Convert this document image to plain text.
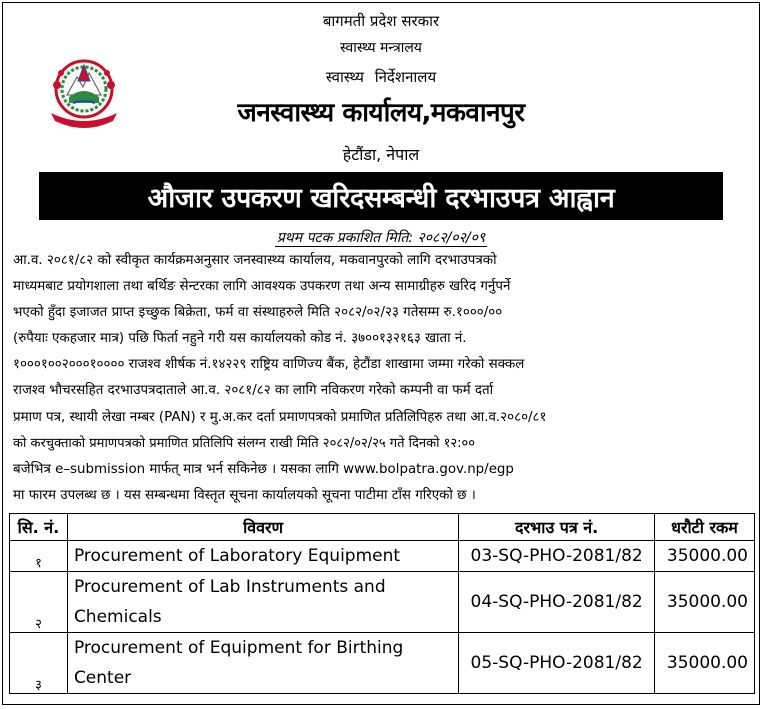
बागमती प्रदेश सरकार
स्वास्थ्य मन्त्रालय
स्वास्थ्य निर्देशनालय
जनस्वास्थ्य कार्यालय,मकवानपुर
हेटौंडा, नेपाल
औजार उपकरण खरिदसम्बन्धी दरभाउपत्र आह्वान
प्रथम पटक प्रकाशित मिति: २०८२/०२/०९
आ.व. २०८१/८२ को स्वीकृत कार्यक्रमअनुसार जनस्वास्थ्य कार्यालय, मकवानपुरको लागि दरभाउपत्रको
माध्यमबाट प्रयोगशाला तथा बर्थिङ सेन्टरका लागि आवश्यक उपकरण तथा अन्य सामाग्रीहरु खरिद गर्नुपर्ने
भएको हुँदा इजाजत प्राप्त इच्छुक बिक्रेता, फर्म वा संस्थाहरुले मिति २०८२/०२/२३ गतेसम्म रु.१०००/००
(रुपैयाः एकहजार मात्र) पछि फिर्ता नहुने गरी यस कार्यालयको कोड नं. ३७००१३२१६३ खाता नं.
१०००१००२०००१०००० राजश्व शीर्षक नं.१४२२९ राष्ट्रिय वाणिज्य बैंक, हेटौंडा शाखामा जम्मा गरेको सक्कल
राजश्व भौचरसहित दरभाउपत्रदाताले आ.व. २०८१/८२ का लागि नविकरण गरेको कम्पनी वा फर्म दर्ता
प्रमाण पत्र, स्थायी लेखा नम्बर (PAN) र मु.अ.कर दर्ता प्रमाणपत्रको प्रमाणित प्रतिलिपिहरु तथा आ.व.२०८०/८१
को करचुक्ताको प्रमाणपत्रको प्रमाणित प्रतिलिपि संलग्न राखी मिति २०८२/०२/२५ गते दिनको १२:००
बजेभित्र e–submission मार्फत् मात्र भर्न सकिनेछ । यसका लागि www.bolpatra.gov.np/egp
मा फारम उपलब्ध छ । यस सम्बन्धमा विस्तृत सूचना कार्यालयको सूचना पाटीमा टाँस गरिएको छ ।
सि. नं.	विवरण	दरभाउ पत्र नं.	धरौटी रकम
१	Procurement of Laboratory Equipment	03-SQ-PHO-2081/82	35000.00
२	Procurement of Lab Instruments and Chemicals	04-SQ-PHO-2081/82	35000.00
३	Procurement of Equipment for Birthing Center	05-SQ-PHO-2081/82	35000.00
